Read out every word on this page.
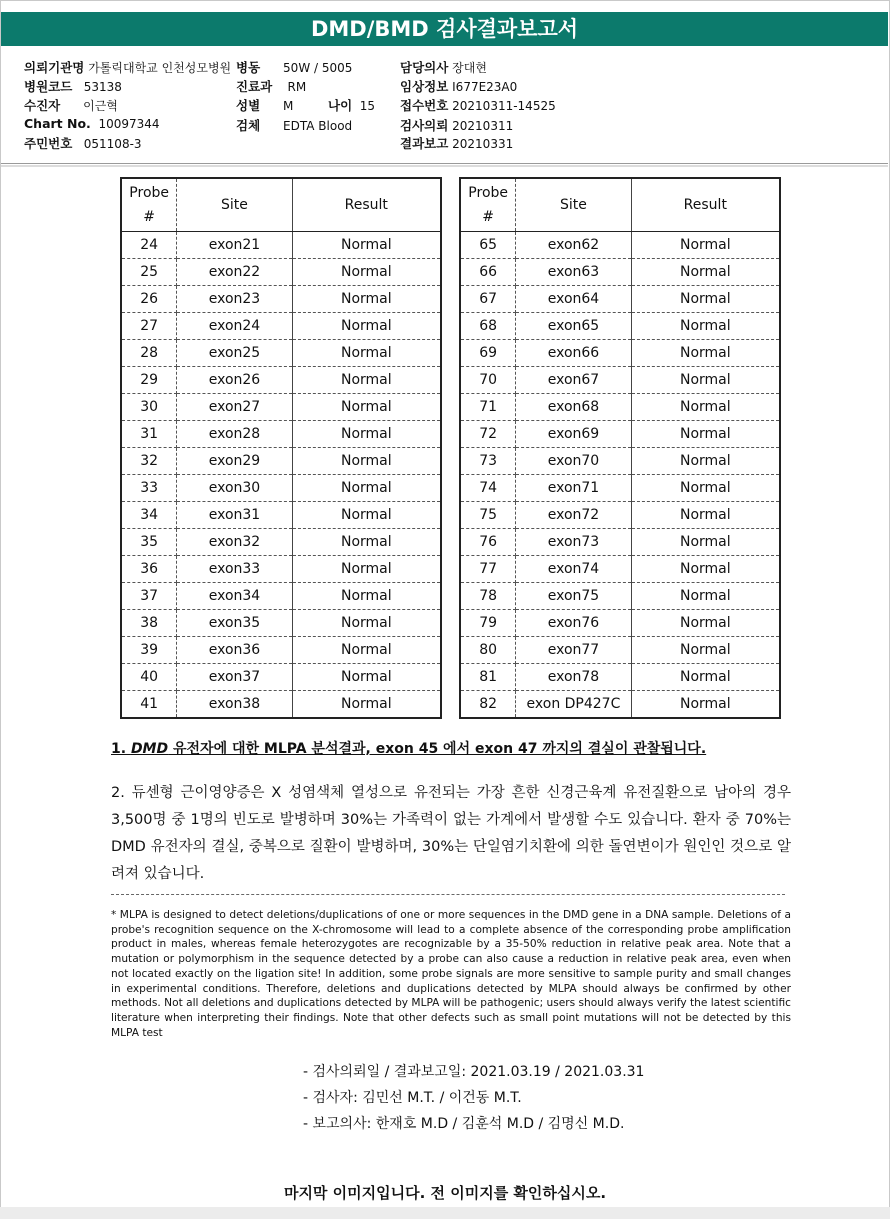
DMD/BMD 검사결과보고서
의뢰기관명 가톨릭대학교 인천성모병원
병원코드 53138
수진자 이근혁
Chart No. 10097344
주민번호 051108-3
병동 50W / 5005
진료과 RM
성별 M	나이 15
검체 EDTA Blood
담당의사 장대현
임상정보 I677E23A0
접수번호 20210311-14525
검사의뢰 20210311
결과보고 20210331
Probe
#	Site	Result
24	exon21	Normal
25	exon22	Normal
26	exon23	Normal
27	exon24	Normal
28	exon25	Normal
29	exon26	Normal
30	exon27	Normal
31	exon28	Normal
32	exon29	Normal
33	exon30	Normal
34	exon31	Normal
35	exon32	Normal
36	exon33	Normal
37	exon34	Normal
38	exon35	Normal
39	exon36	Normal
40	exon37	Normal
41	exon38	Normal
Probe
#	Site	Result
65	exon62	Normal
66	exon63	Normal
67	exon64	Normal
68	exon65	Normal
69	exon66	Normal
70	exon67	Normal
71	exon68	Normal
72	exon69	Normal
73	exon70	Normal
74	exon71	Normal
75	exon72	Normal
76	exon73	Normal
77	exon74	Normal
78	exon75	Normal
79	exon76	Normal
80	exon77	Normal
81	exon78	Normal
82	exon DP427C	Normal
1. DMD 유전자에 대한 MLPA 분석결과, exon 45 에서 exon 47 까지의 결실이 관찰됩니다.
2. 듀센형 근이영양증은 X 성염색체 열성으로 유전되는 가장 흔한 신경근육계 유전질환으로 남아의 경우 3,500명 중 1명의 빈도로 발병하며 30%는 가족력이 없는 가계에서 발생할 수도 있습니다. 환자 중 70%는 DMD 유전자의 결실, 중복으로 질환이 발병하며, 30%는 단일염기치환에 의한 돌연변이가 원인인 것으로 알려져 있습니다.
* MLPA is designed to detect deletions/duplications of one or more sequences in the DMD gene in a DNA sample. Deletions of a probe's recognition sequence on the X-chromosome will lead to a complete absence of the corresponding probe amplification product in males, whereas female heterozygotes are recognizable by a 35-50% reduction in relative peak area. Note that a mutation or polymorphism in the sequence detected by a probe can also cause a reduction in relative peak area, even when not located exactly on the ligation site! In addition, some probe signals are more sensitive to sample purity and small changes in experimental conditions. Therefore, deletions and duplications detected by MLPA should always be confirmed by other methods. Not all deletions and duplications detected by MLPA will be pathogenic; users should always verify the latest scientific literature when interpreting their findings. Note that other defects such as small point mutations will not be detected by this MLPA test
- 검사의뢰일 / 결과보고일: 2021.03.19 / 2021.03.31
- 검사자: 김민선 M.T. / 이건동 M.T.
- 보고의사: 한재호 M.D / 김훈석 M.D / 김명신 M.D.
마지막 이미지입니다. 전 이미지를 확인하십시오.
